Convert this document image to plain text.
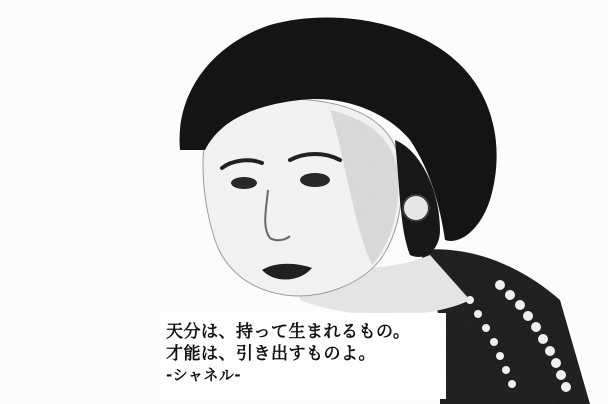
天分は、持って生まれるもの。
才能は、引き出すものよ。
-シャネル-
